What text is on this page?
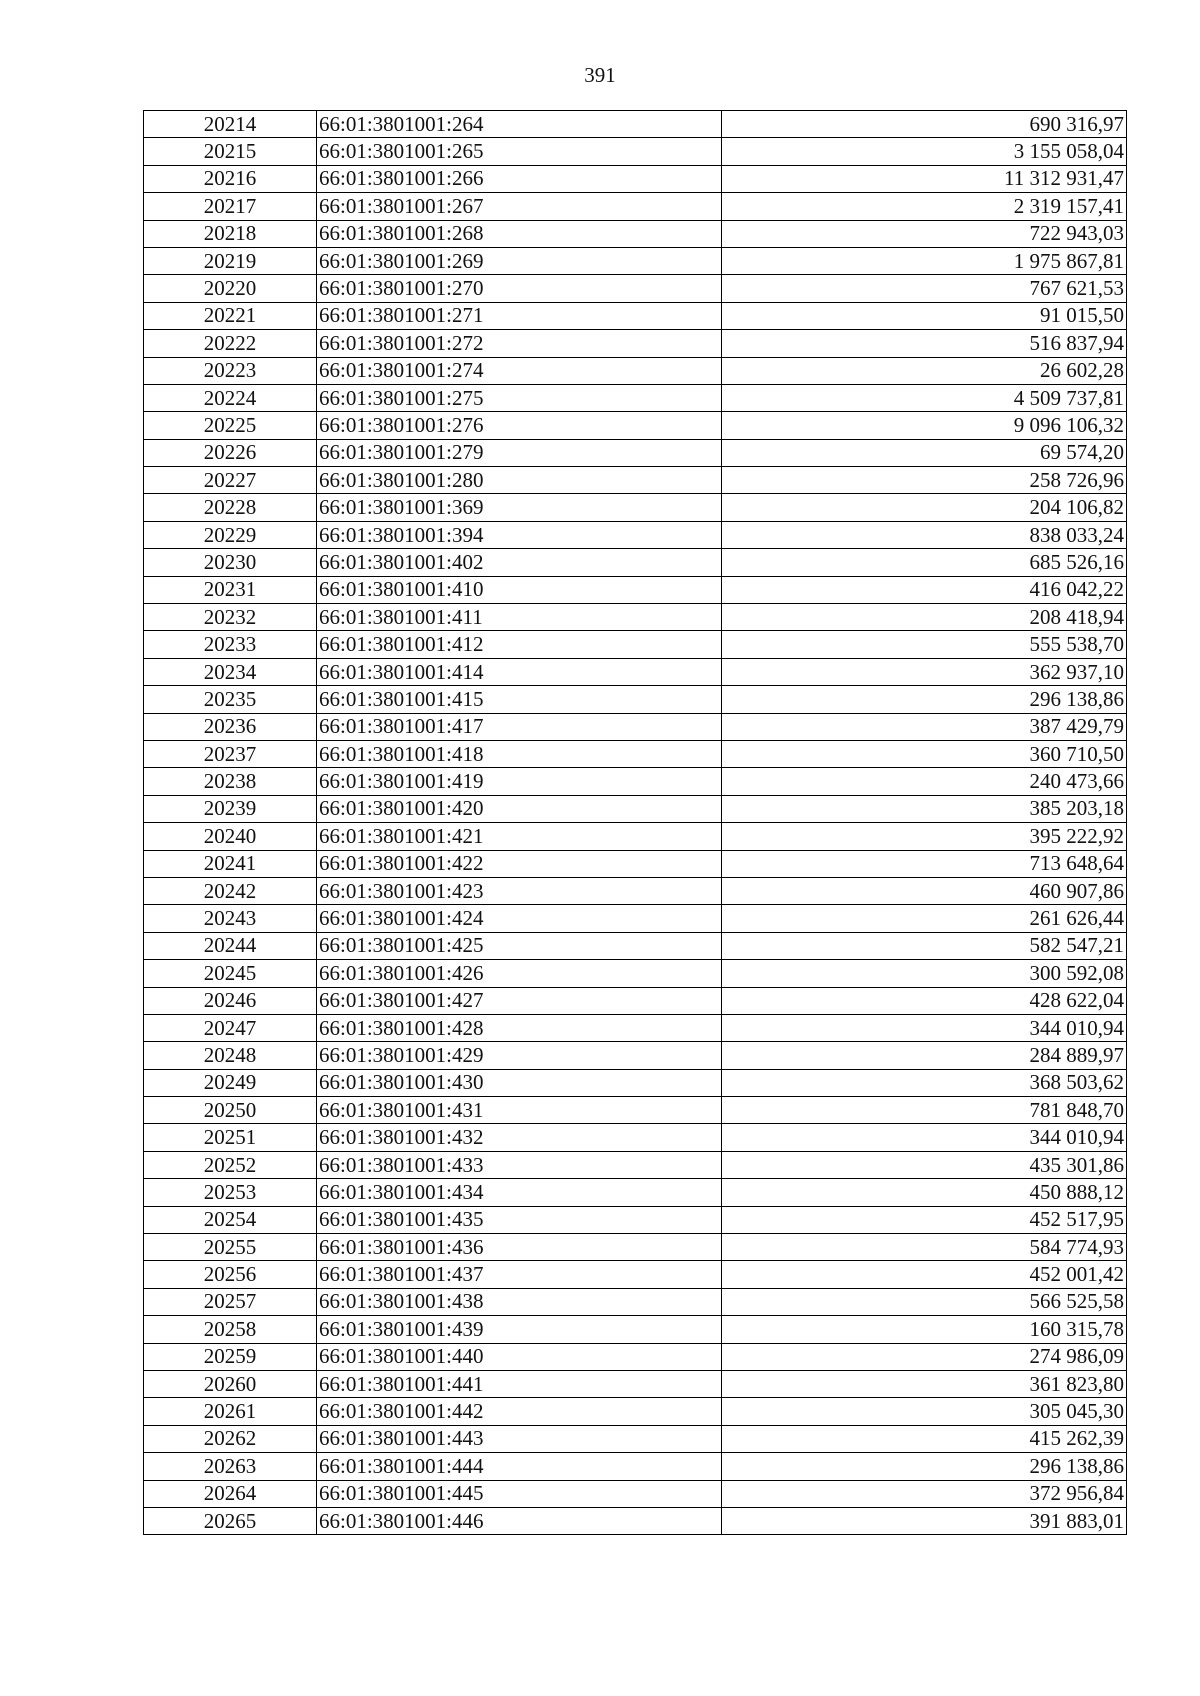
391
20214	66:01:3801001:264	690 316,97
20215	66:01:3801001:265	3 155 058,04
20216	66:01:3801001:266	11 312 931,47
20217	66:01:3801001:267	2 319 157,41
20218	66:01:3801001:268	722 943,03
20219	66:01:3801001:269	1 975 867,81
20220	66:01:3801001:270	767 621,53
20221	66:01:3801001:271	91 015,50
20222	66:01:3801001:272	516 837,94
20223	66:01:3801001:274	26 602,28
20224	66:01:3801001:275	4 509 737,81
20225	66:01:3801001:276	9 096 106,32
20226	66:01:3801001:279	69 574,20
20227	66:01:3801001:280	258 726,96
20228	66:01:3801001:369	204 106,82
20229	66:01:3801001:394	838 033,24
20230	66:01:3801001:402	685 526,16
20231	66:01:3801001:410	416 042,22
20232	66:01:3801001:411	208 418,94
20233	66:01:3801001:412	555 538,70
20234	66:01:3801001:414	362 937,10
20235	66:01:3801001:415	296 138,86
20236	66:01:3801001:417	387 429,79
20237	66:01:3801001:418	360 710,50
20238	66:01:3801001:419	240 473,66
20239	66:01:3801001:420	385 203,18
20240	66:01:3801001:421	395 222,92
20241	66:01:3801001:422	713 648,64
20242	66:01:3801001:423	460 907,86
20243	66:01:3801001:424	261 626,44
20244	66:01:3801001:425	582 547,21
20245	66:01:3801001:426	300 592,08
20246	66:01:3801001:427	428 622,04
20247	66:01:3801001:428	344 010,94
20248	66:01:3801001:429	284 889,97
20249	66:01:3801001:430	368 503,62
20250	66:01:3801001:431	781 848,70
20251	66:01:3801001:432	344 010,94
20252	66:01:3801001:433	435 301,86
20253	66:01:3801001:434	450 888,12
20254	66:01:3801001:435	452 517,95
20255	66:01:3801001:436	584 774,93
20256	66:01:3801001:437	452 001,42
20257	66:01:3801001:438	566 525,58
20258	66:01:3801001:439	160 315,78
20259	66:01:3801001:440	274 986,09
20260	66:01:3801001:441	361 823,80
20261	66:01:3801001:442	305 045,30
20262	66:01:3801001:443	415 262,39
20263	66:01:3801001:444	296 138,86
20264	66:01:3801001:445	372 956,84
20265	66:01:3801001:446	391 883,01
